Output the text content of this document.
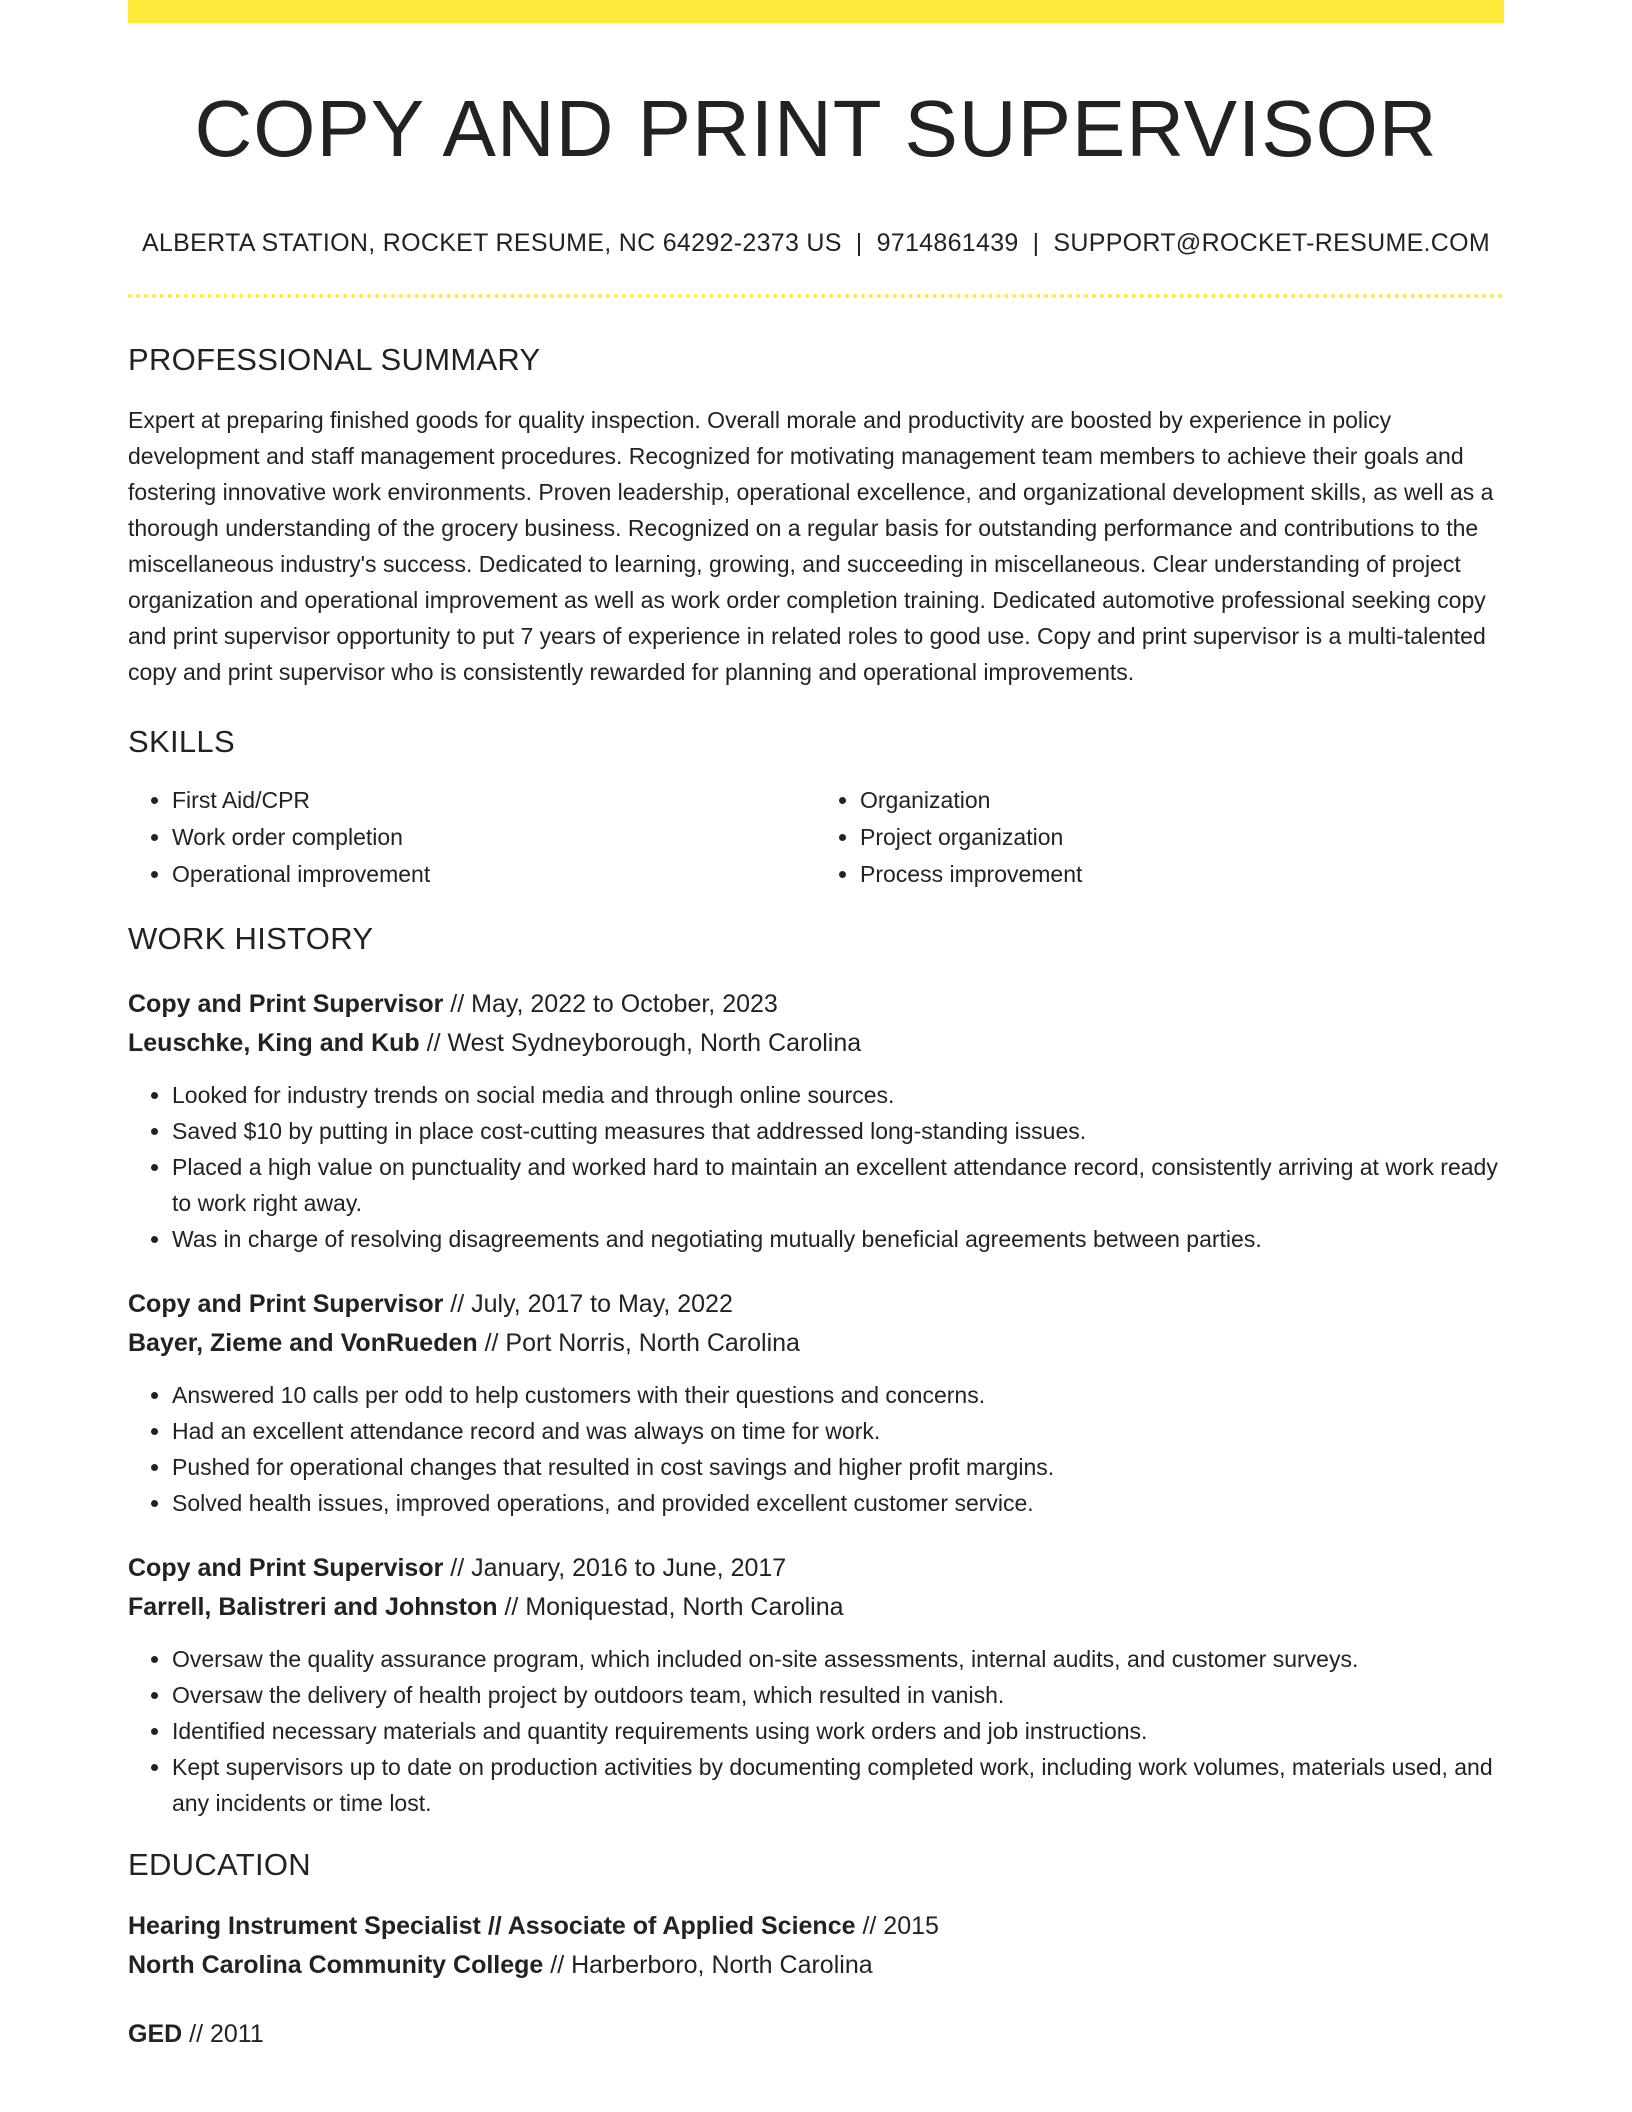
COPY AND PRINT SUPERVISOR
ALBERTA STATION, ROCKET RESUME, NC 64292-2373 US | 9714861439 | SUPPORT@ROCKET-RESUME.COM
PROFESSIONAL SUMMARY
Expert at preparing finished goods for quality inspection. Overall morale and productivity are boosted by experience in policy development and staff management procedures. Recognized for motivating management team members to achieve their goals and fostering innovative work environments. Proven leadership, operational excellence, and organizational development skills, as well as a thorough understanding of the grocery business. Recognized on a regular basis for outstanding performance and contributions to the miscellaneous industry's success. Dedicated to learning, growing, and succeeding in miscellaneous. Clear understanding of project organization and operational improvement as well as work order completion training. Dedicated automotive professional seeking copy and print supervisor opportunity to put 7 years of experience in related roles to good use. Copy and print supervisor is a multi-talented copy and print supervisor who is consistently rewarded for planning and operational improvements.
SKILLS
• First Aid/CPR
• Work order completion
• Operational improvement
• Organization
• Project organization
• Process improvement
WORK HISTORY
Copy and Print Supervisor // May, 2022 to October, 2023
Leuschke, King and Kub // West Sydneyborough, North Carolina
• Looked for industry trends on social media and through online sources.
• Saved $10 by putting in place cost-cutting measures that addressed long-standing issues.
• Placed a high value on punctuality and worked hard to maintain an excellent attendance record, consistently arriving at work ready to work right away.
• Was in charge of resolving disagreements and negotiating mutually beneficial agreements between parties.
Copy and Print Supervisor // July, 2017 to May, 2022
Bayer, Zieme and VonRueden // Port Norris, North Carolina
• Answered 10 calls per odd to help customers with their questions and concerns.
• Had an excellent attendance record and was always on time for work.
• Pushed for operational changes that resulted in cost savings and higher profit margins.
• Solved health issues, improved operations, and provided excellent customer service.
Copy and Print Supervisor // January, 2016 to June, 2017
Farrell, Balistreri and Johnston // Moniquestad, North Carolina
• Oversaw the quality assurance program, which included on-site assessments, internal audits, and customer surveys.
• Oversaw the delivery of health project by outdoors team, which resulted in vanish.
• Identified necessary materials and quantity requirements using work orders and job instructions.
• Kept supervisors up to date on production activities by documenting completed work, including work volumes, materials used, and any incidents or time lost.
EDUCATION
Hearing Instrument Specialist // Associate of Applied Science // 2015
North Carolina Community College // Harberboro, North Carolina
GED // 2011
